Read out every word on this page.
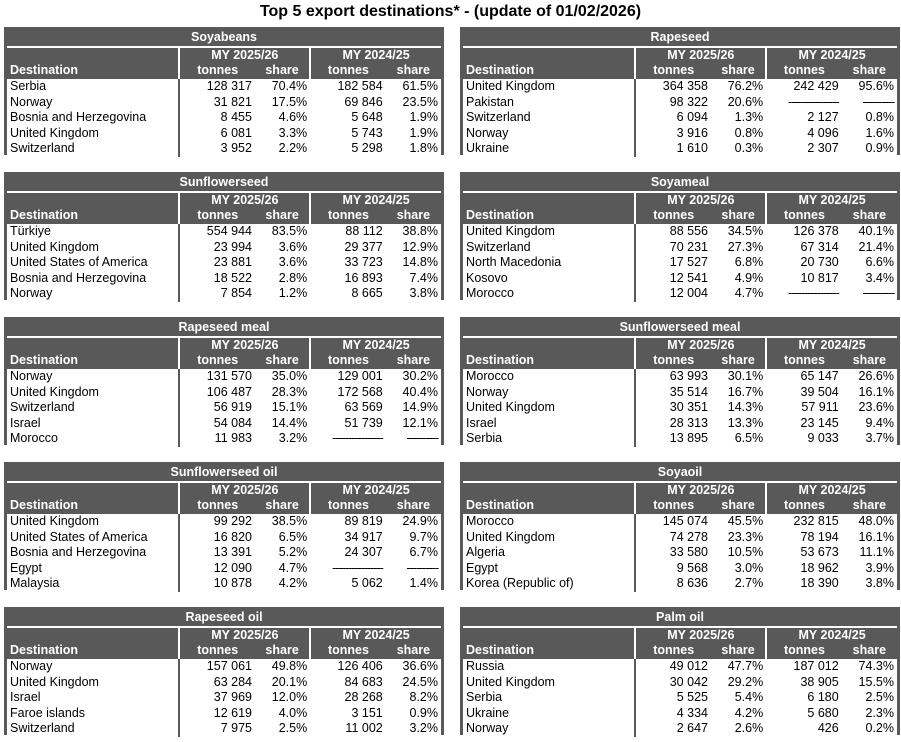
Top 5 export destinations* - (update of 01/02/2026)
Soyabeans				
	MY 2025/26		MY 2024/25	
Destination	tonnes	share	tonnes	share
Serbia	128 317	70.4%	182 584	61.5%
Norway	31 821	17.5%	69 846	23.5%
Bosnia and Herzegovina	8 455	4.6%	5 648	1.9%
United Kingdom	6 081	3.3%	5 743	1.9%
Switzerland	3 952	2.2%	5 298	1.8%
Rapeseed				
	MY 2025/26		MY 2024/25	
Destination	tonnes	share	tonnes	share
United Kingdom	364 358	76.2%	242 429	95.6%
Pakistan	98 322	20.6%	----------------	----------
Switzerland	6 094	1.3%	2 127	0.8%
Norway	3 916	0.8%	4 096	1.6%
Ukraine	1 610	0.3%	2 307	0.9%
Sunflowerseed				
	MY 2025/26		MY 2024/25	
Destination	tonnes	share	tonnes	share
Türkiye	554 944	83.5%	88 112	38.8%
United Kingdom	23 994	3.6%	29 377	12.9%
United States of America	23 881	3.6%	33 723	14.8%
Bosnia and Herzegovina	18 522	2.8%	16 893	7.4%
Norway	7 854	1.2%	8 665	3.8%
Soyameal				
	MY 2025/26		MY 2024/25	
Destination	tonnes	share	tonnes	share
United Kingdom	88 556	34.5%	126 378	40.1%
Switzerland	70 231	27.3%	67 314	21.4%
North Macedonia	17 527	6.8%	20 730	6.6%
Kosovo	12 541	4.9%	10 817	3.4%
Morocco	12 004	4.7%	----------------	----------
Rapeseed meal				
	MY 2025/26		MY 2024/25	
Destination	tonnes	share	tonnes	share
Norway	131 570	35.0%	129 001	30.2%
United Kingdom	106 487	28.3%	172 568	40.4%
Switzerland	56 919	15.1%	63 569	14.9%
Israel	54 084	14.4%	51 739	12.1%
Morocco	11 983	3.2%	----------------	----------
Sunflowerseed meal				
	MY 2025/26		MY 2024/25	
Destination	tonnes	share	tonnes	share
Morocco	63 993	30.1%	65 147	26.6%
Norway	35 514	16.7%	39 504	16.1%
United Kingdom	30 351	14.3%	57 911	23.6%
Israel	28 313	13.3%	23 145	9.4%
Serbia	13 895	6.5%	9 033	3.7%
Sunflowerseed oil				
	MY 2025/26		MY 2024/25	
Destination	tonnes	share	tonnes	share
United Kingdom	99 292	38.5%	89 819	24.9%
United States of America	16 820	6.5%	34 917	9.7%
Bosnia and Herzegovina	13 391	5.2%	24 307	6.7%
Egypt	12 090	4.7%	----------------	----------
Malaysia	10 878	4.2%	5 062	1.4%
Soyaoil				
	MY 2025/26		MY 2024/25	
Destination	tonnes	share	tonnes	share
Morocco	145 074	45.5%	232 815	48.0%
United Kingdom	74 278	23.3%	78 194	16.1%
Algeria	33 580	10.5%	53 673	11.1%
Egypt	9 568	3.0%	18 962	3.9%
Korea (Republic of)	8 636	2.7%	18 390	3.8%
Rapeseed oil				
	MY 2025/26		MY 2024/25	
Destination	tonnes	share	tonnes	share
Norway	157 061	49.8%	126 406	36.6%
United Kingdom	63 284	20.1%	84 683	24.5%
Israel	37 969	12.0%	28 268	8.2%
Faroe islands	12 619	4.0%	3 151	0.9%
Switzerland	7 975	2.5%	11 002	3.2%
Palm oil				
	MY 2025/26		MY 2024/25	
Destination	tonnes	share	tonnes	share
Russia	49 012	47.7%	187 012	74.3%
United Kingdom	30 042	29.2%	38 905	15.5%
Serbia	5 525	5.4%	6 180	2.5%
Ukraine	4 334	4.2%	5 680	2.3%
Norway	2 647	2.6%	426	0.2%
